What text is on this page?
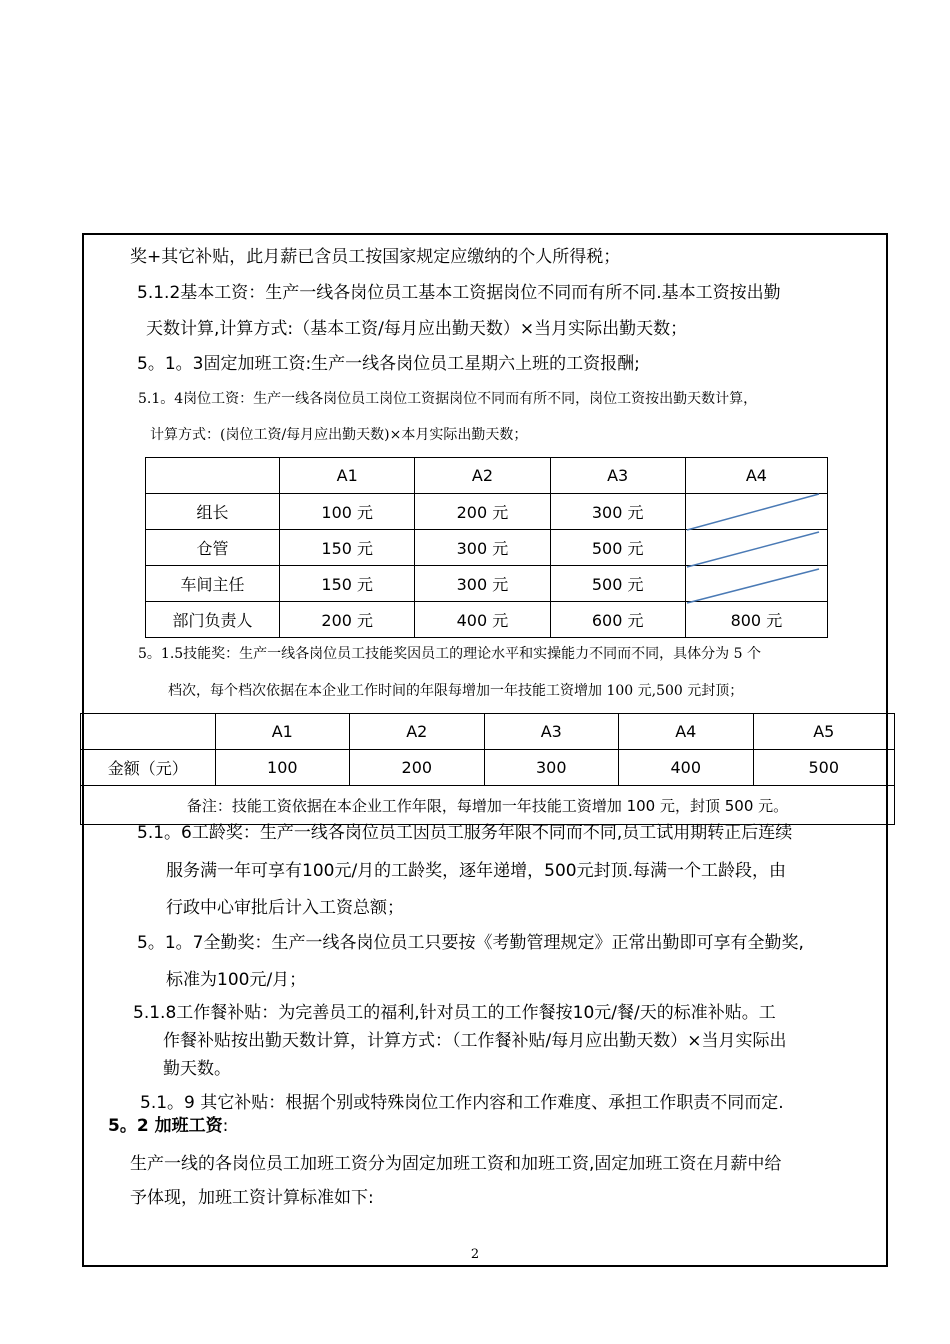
奖+其它补贴，此月薪已含员工按国家规定应缴纳的个人所得税；
5.1.2基本工资：生产一线各岗位员工基本工资据岗位不同而有所不同.基本工资按出勤
天数计算,计算方式:（基本工资/每月应出勤天数）×当月实际出勤天数；
5。1。3固定加班工资:生产一线各岗位员工星期六上班的工资报酬;
5.1。4岗位工资：生产一线各岗位员工岗位工资据岗位不同而有所不同，岗位工资按出勤天数计算，
计算方式：(岗位工资/每月应出勤天数)×本月实际出勤天数；
	A1	A2	A3	A4
组长	100 元	200 元	300 元	
仓管	150 元	300 元	500 元	
车间主任	150 元	300 元	500 元	
部门负责人	200 元	400 元	600 元	800 元
5。1.5技能奖：生产一线各岗位员工技能奖因员工的理论水平和实操能力不同而不同，具体分为 5 个
档次，每个档次依据在本企业工作时间的年限每增加一年技能工资增加 100 元,500 元封顶；
	A1	A2	A3	A4	A5
金额（元）	100	200	300	400	500
备注：技能工资依据在本企业工作年限，每增加一年技能工资增加 100 元，封顶 500 元。					
5.1。6工龄奖：生产一线各岗位员工因员工服务年限不同而不同,员工试用期转正后连续
服务满一年可享有100元/月的工龄奖，逐年递增，500元封顶.每满一个工龄段，由
行政中心审批后计入工资总额；
5。1。7全勤奖：生产一线各岗位员工只要按《考勤管理规定》正常出勤即可享有全勤奖,
标准为100元/月；
5.1.8工作餐补贴：为完善员工的福利,针对员工的工作餐按10元/餐/天的标准补贴。工
作餐补贴按出勤天数计算，计算方式：（工作餐补贴/每月应出勤天数）×当月实际出
勤天数。
5.1。9 其它补贴：根据个别或特殊岗位工作内容和工作难度、承担工作职责不同而定.
5。2 加班工资:
生产一线的各岗位员工加班工资分为固定加班工资和加班工资,固定加班工资在月薪中给
予体现，加班工资计算标准如下:
2
